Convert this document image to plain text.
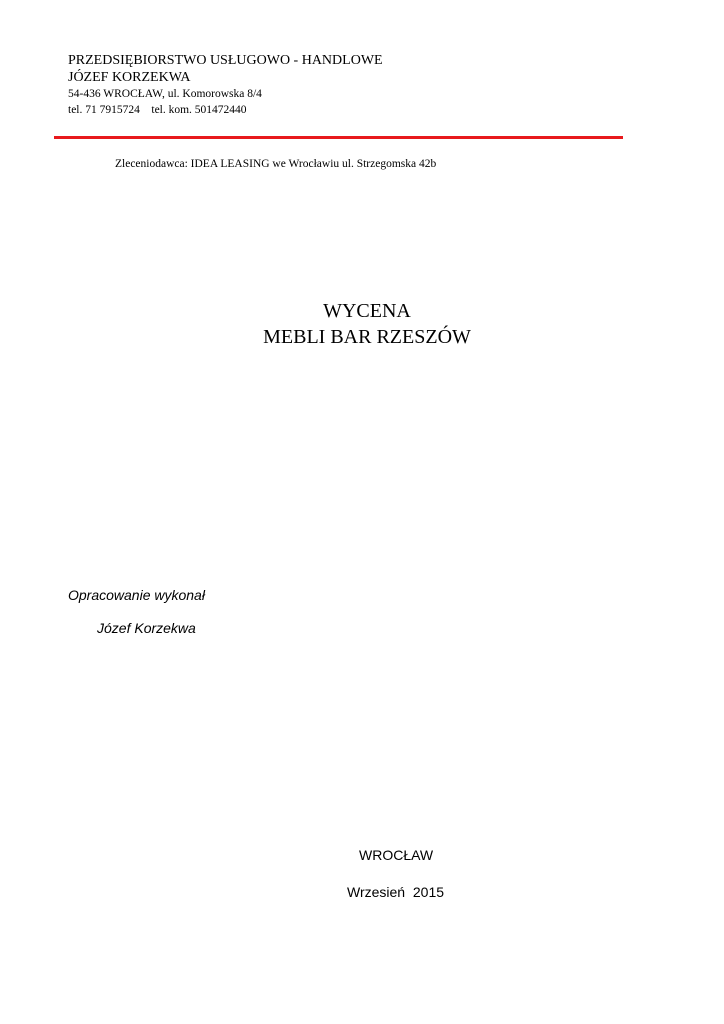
PRZEDSIĘBIORSTWO USŁUGOWO - HANDLOWE
JÓZEF KORZEKWA
54-436 WROCŁAW, ul. Komorowska 8/4
tel. 71 7915724    tel. kom. 501472440
Zleceniodawca: IDEA LEASING we Wrocławiu ul. Strzegomska 42b
WYCENA
MEBLI BAR RZESZÓW
Opracowanie wykonał
Józef Korzekwa
WROCŁAW
Wrzesień  2015
